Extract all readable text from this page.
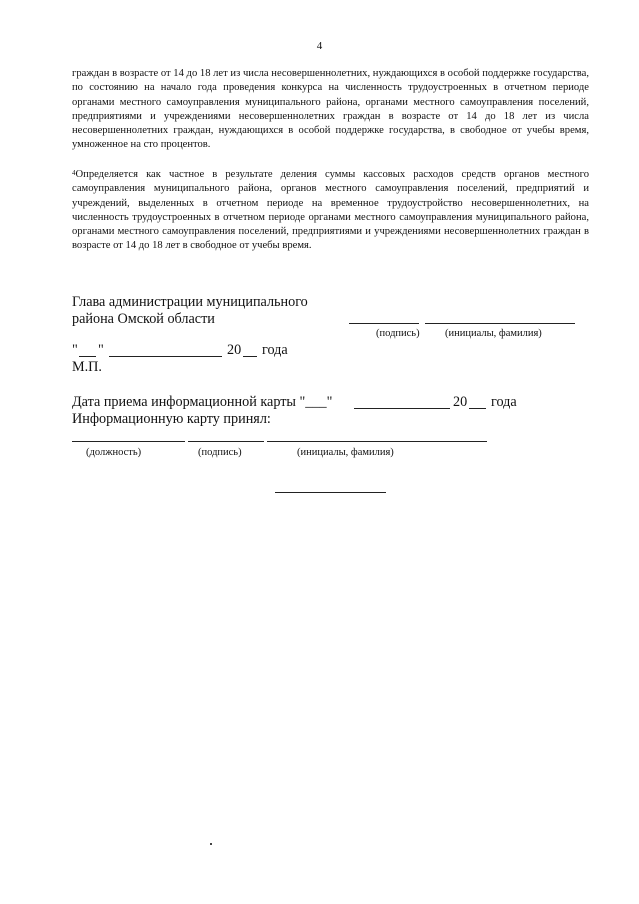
4

граждан в возрасте от 14 до 18 лет из числа несовершеннолетних, нуждающихся в особой поддержке государства, по состоянию на начало года проведения конкурса на численность трудоустроенных в отчетном периоде органами местного самоуправления муниципального района, органами местного самоуправления поселений, предприятиями и учреждениями несовершеннолетних граждан в возрасте от 14 до 18 лет из числа несовершеннолетних граждан, нуждающихся в особой поддержке государства, в свободное от учебы время, умноженное на сто процентов.

$^4$Определяется как частное в результате деления суммы кассовых расходов средств органов местного самоуправления муниципального района, органов местного самоуправления поселений, предприятий и учреждений, выделенных в отчетном периоде на временное трудоустройство несовершеннолетних, на численность трудоустроенных в отчетном периоде органами местного самоуправления муниципального района, органами местного самоуправления поселений, предприятиями и учреждениями несовершеннолетних граждан в возрасте от 14 до 18 лет в свободное от учебы время.

Глава администрации муниципального
района Омской области
(подпись) (инициалы, фамилия)
" "	20 года
М.П.
Дата приема информационной карты "___"	20 года
Информационную карту принял:
(должность)	(подпись)	(инициалы, фамилия)
